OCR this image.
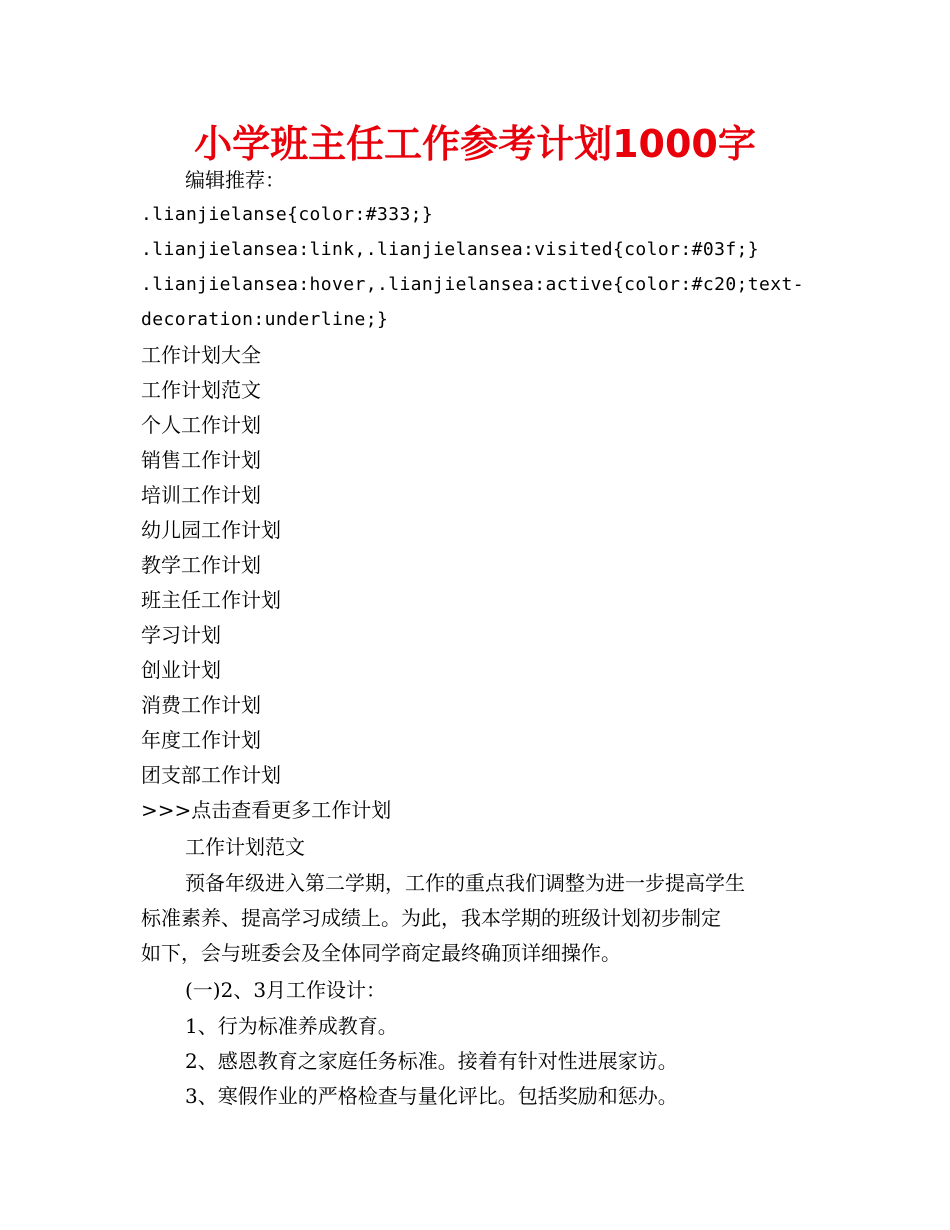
小学班主任工作参考计划1000字
编辑推荐：
.lianjielanse{color:#333;}
.lianjielansea:link,.lianjielansea:visited{color:#03f;}
.lianjielansea:hover,.lianjielansea:active{color:#c20;text-
decoration:underline;}
工作计划大全
工作计划范文
个人工作计划
销售工作计划
培训工作计划
幼儿园工作计划
教学工作计划
班主任工作计划
学习计划
创业计划
消费工作计划
年度工作计划
团支部工作计划
>>>点击查看更多工作计划
工作计划范文
预备年级进入第二学期，工作的重点我们调整为进一步提高学生
标准素养、提高学习成绩上。为此，我本学期的班级计划初步制定
如下，会与班委会及全体同学商定最终确顶详细操作。
(一)2、3月工作设计：
1、行为标准养成教育。
2、感恩教育之家庭任务标准。接着有针对性进展家访。
3、寒假作业的严格检查与量化评比。包括奖励和惩办。
